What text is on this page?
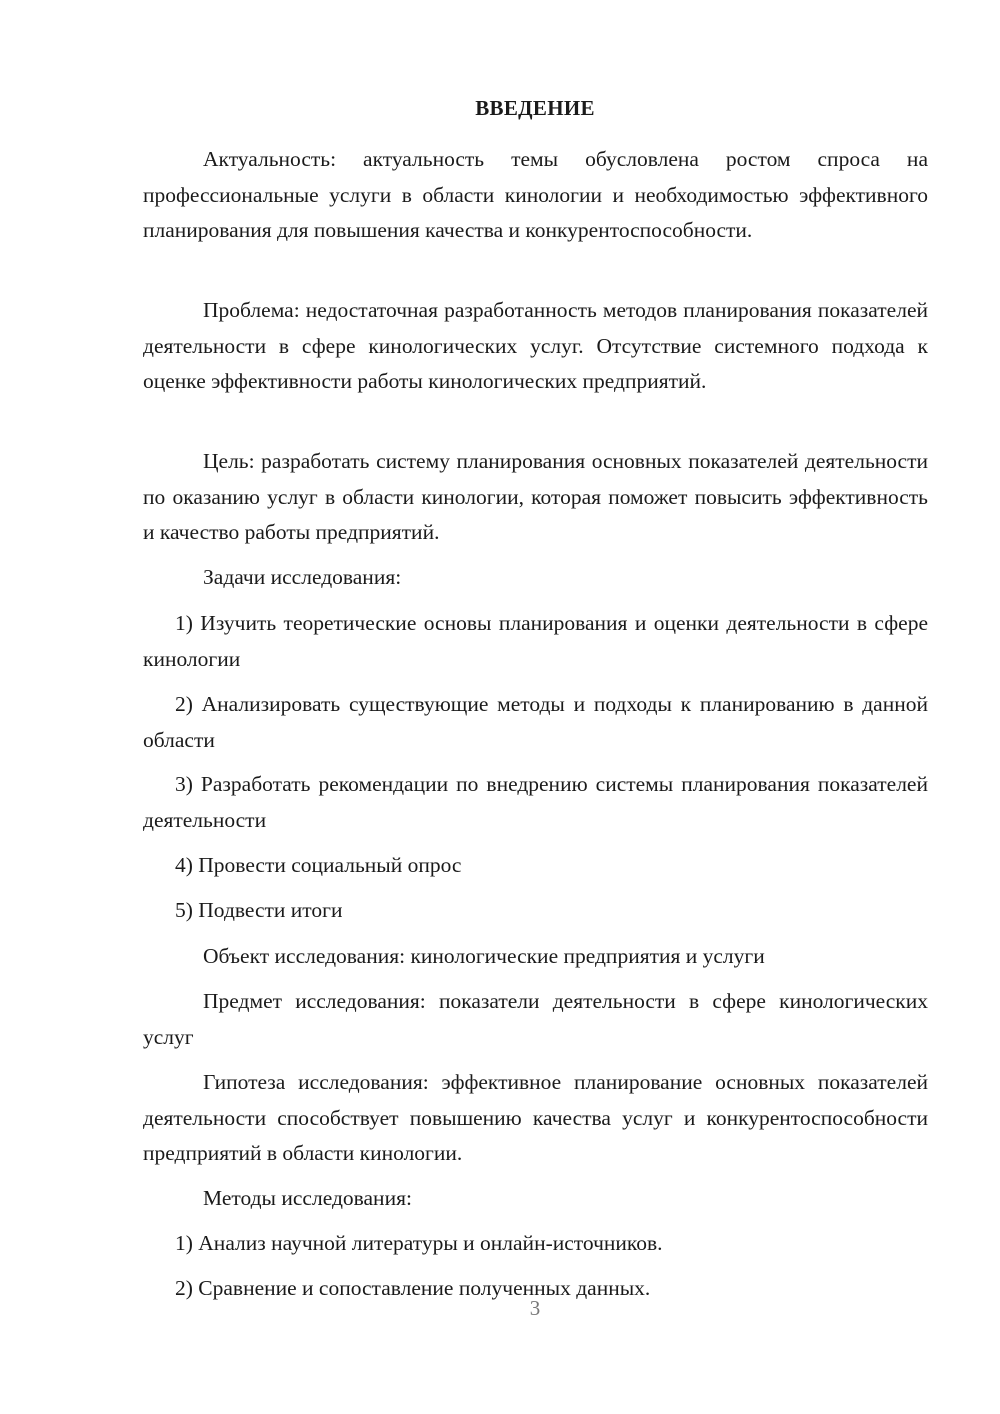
ВВЕДЕНИЕ

Актуальность: актуальность темы обусловлена ростом спроса на профессиональные услуги в области кинологии и необходимостью эффективного планирования для повышения качества и конкурентоспособности.

Проблема: недостаточная разработанность методов планирования показателей деятельности в сфере кинологических услуг. Отсутствие системного подхода к оценке эффективности работы кинологических предприятий.

Цель: разработать систему планирования основных показателей деятельности по оказанию услуг в области кинологии, которая поможет повысить эффективность и качество работы предприятий.

Задачи исследования:

1) Изучить теоретические основы планирования и оценки деятельности в сфере кинологии

2) Анализировать существующие методы и подходы к планированию в данной области

3) Разработать рекомендации по внедрению системы планирования показателей деятельности

4) Провести социальный опрос

5) Подвести итоги

Объект исследования: кинологические предприятия и услуги

Предмет исследования: показатели деятельности в сфере кинологических услуг

Гипотеза исследования: эффективное планирование основных показателей деятельности способствует повышению качества услуг и конкурентоспособности предприятий в области кинологии.

Методы исследования:

1) Анализ научной литературы и онлайн-источников.

2) Сравнение и сопоставление полученных данных.

3
